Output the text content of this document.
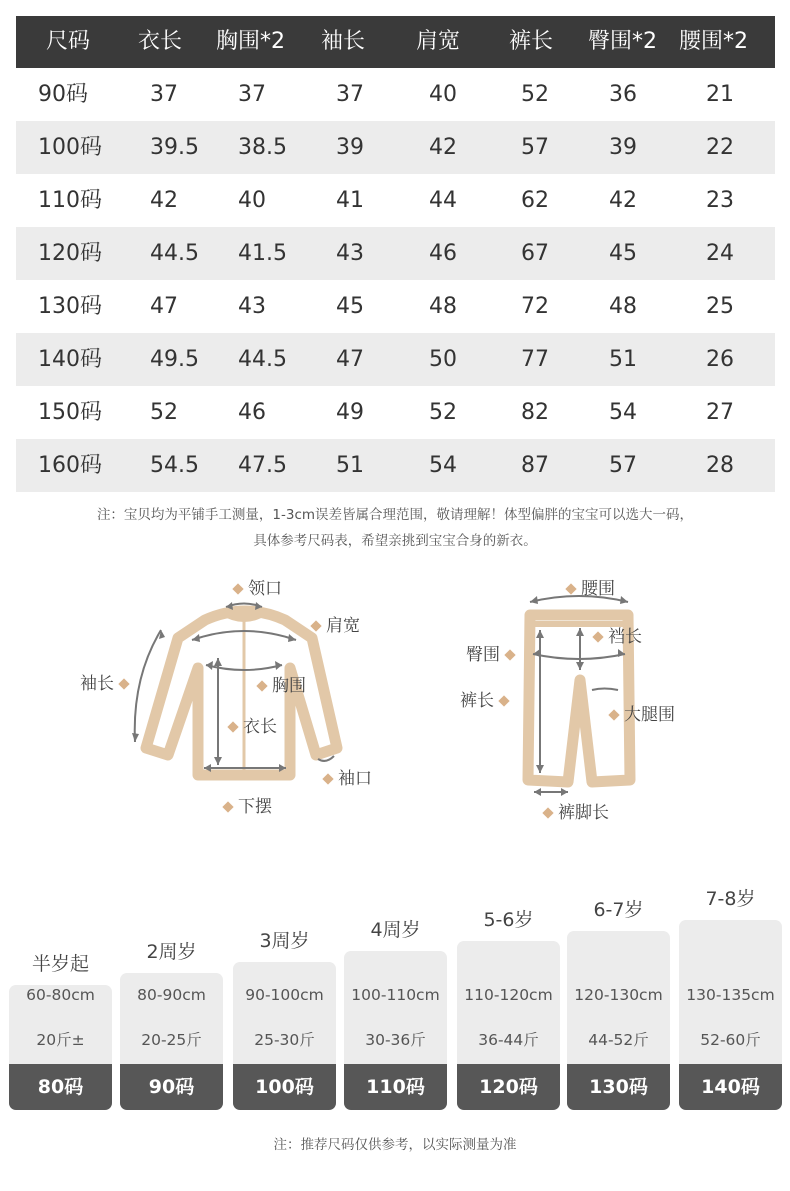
尺码 衣长 胸围*2 袖长 肩宽 裤长 臀围*2 腰围*2
90码	37	37	37	40	52	36	21
100码 39.5 38.5 39	42	57	39	22
110码 42	40	41	44	62	42	23
120码 44.5 41.5 43	46	67	45	24
130码 47	43	45	48	72	48	25
140码 49.5 44.5 47	50	77	51	26
150码 52	46	49	52	82	54	27
160码 54.5 47.5 51	54	87	57	28
注：宝贝均为平铺手工测量，1-3cm误差皆属合理范围，敬请理解！体型偏胖的宝宝可以选大一码，
具体参考尺码表，希望亲挑到宝宝合身的新衣。
领口
肩宽
袖长	胸围
衣长
袖口
下摆
腰围
臀围
裆长
裤长
大腿围
裤脚长
半岁起
60-80cm
20斤±
80码
2周岁
80-90cm
20-25斤
90码
3周岁
90-100cm
25-30斤
100码
4周岁
100-110cm
30-36斤
110码
5-6岁
110-120cm
36-44斤
120码
6-7岁
120-130cm
44-52斤
130码
7-8岁
130-135cm
52-60斤
140码
注：推荐尺码仅供参考，以实际测量为准
